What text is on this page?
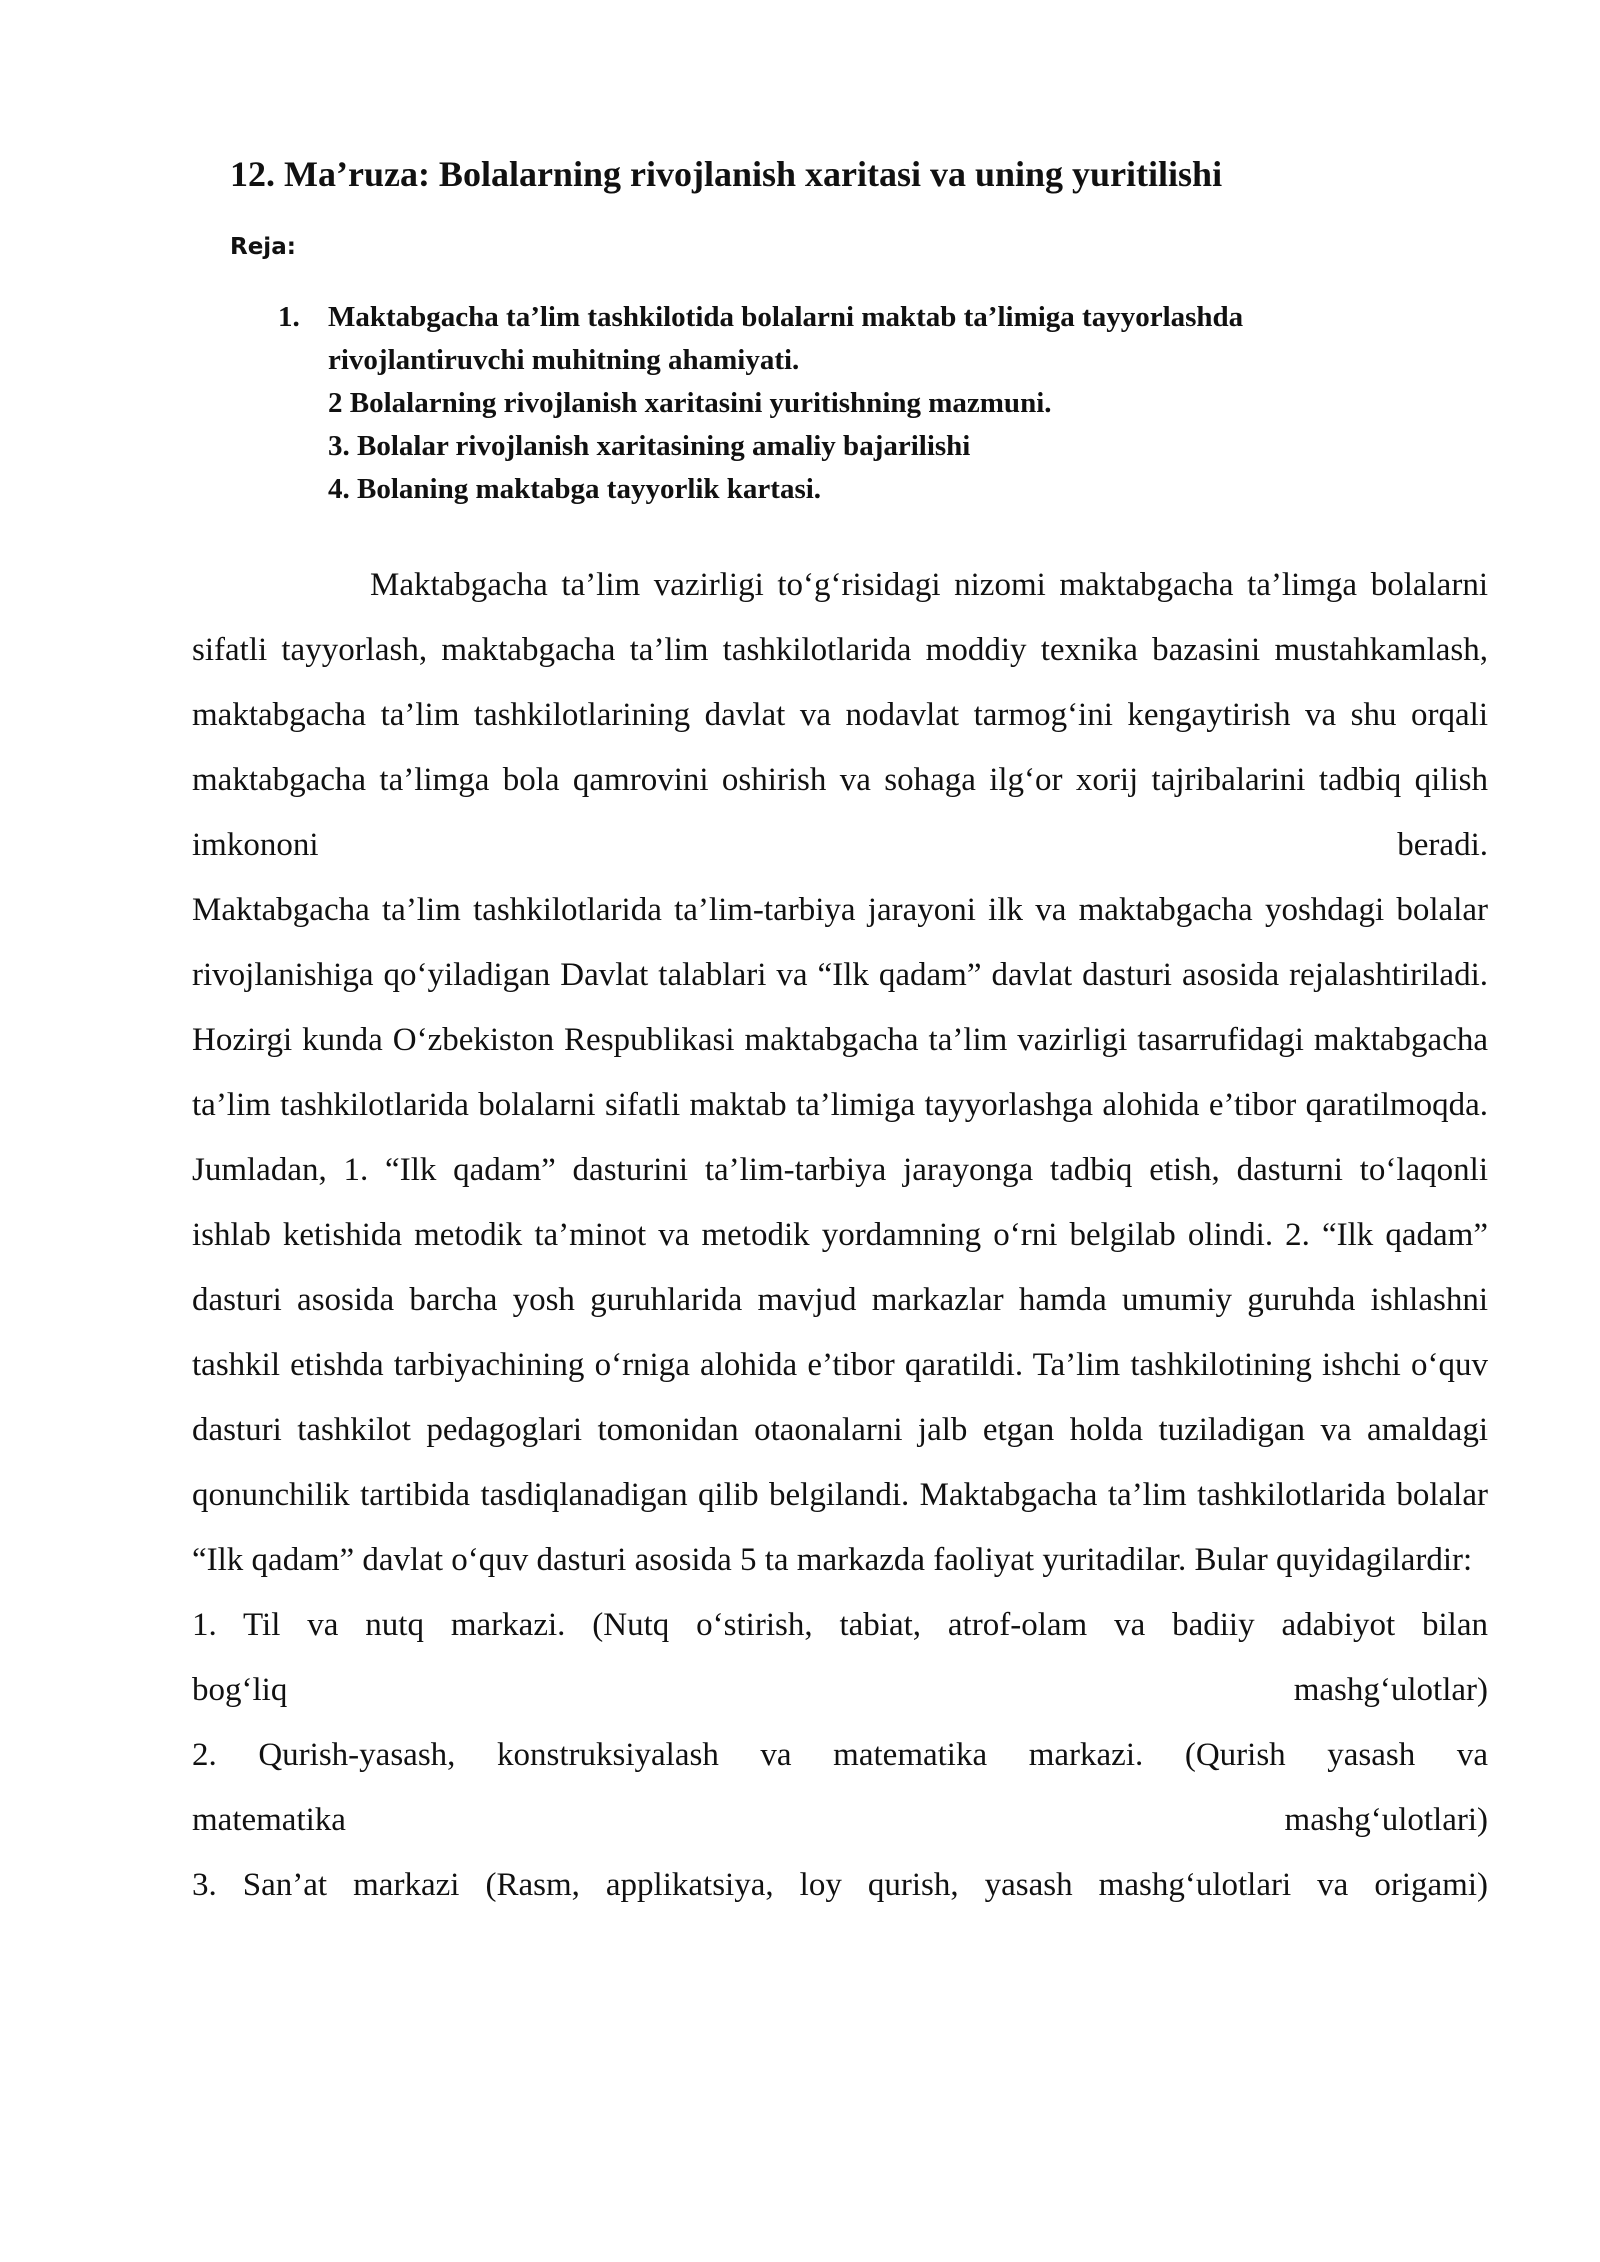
12. Ma’ruza: Bolalarning rivojlanish xaritasi va uning yuritilishi
Reja:
1. Maktabgacha ta’lim tashkilotida bolalarni maktab ta’limiga tayyorlashda
rivojlantiruvchi muhitning ahamiyati.
2 Bolalarning rivojlanish xaritasini yuritishning mazmuni.
3. Bolalar rivojlanish xaritasining amaliy bajarilishi
4. Bolaning maktabga tayyorlik kartasi.

Maktabgacha ta’lim vazirligi to‘g‘risidagi nizomi maktabgacha ta’limga bolalarni sifatli tayyorlash, maktabgacha ta’lim tashkilotlarida moddiy texnika bazasini mustahkamlash, maktabgacha ta’lim tashkilotlarining davlat va nodavlat tarmog‘ini kengaytirish va shu orqali maktabgacha ta’limga bola qamrovini oshirish va sohaga ilg‘or xorij tajribalarini tadbiq qilish imkononi beradi.

Maktabgacha ta’lim tashkilotlarida ta’lim-tarbiya jarayoni ilk va maktabgacha yoshdagi bolalar rivojlanishiga qo‘yiladigan Davlat talablari va “Ilk qadam” davlat dasturi asosida rejalashtiriladi. Hozirgi kunda O‘zbekiston Respublikasi maktabgacha ta’lim vazirligi tasarrufidagi maktabgacha ta’lim tashkilotlarida bolalarni sifatli maktab ta’limiga tayyorlashga alohida e’tibor qaratilmoqda. Jumladan, 1. “Ilk qadam” dasturini ta’lim-tarbiya jarayonga tadbiq etish, dasturni to‘laqonli ishlab ketishida metodik ta’minot va metodik yordamning o‘rni belgilab olindi. 2. “Ilk qadam” dasturi asosida barcha yosh guruhlarida mavjud markazlar hamda umumiy guruhda ishlashni tashkil etishda tarbiyachining o‘rniga alohida e’tibor qaratildi. Ta’lim tashkilotining ishchi o‘quv dasturi tashkilot pedagoglari tomonidan otaonalarni jalb etgan holda tuziladigan va amaldagi qonunchilik tartibida tasdiqlanadigan qilib belgilandi. Maktabgacha ta’lim tashkilotlarida bolalar “Ilk qadam” davlat o‘quv dasturi asosida 5 ta markazda faoliyat yuritadilar. Bular quyidagilardir:

1. Til va nutq markazi. (Nutq o‘stirish, tabiat, atrof-olam va badiiy adabiyot bilan

bog‘liq	mashg‘ulotlar)

2. Qurish-yasash, konstruksiyalash va matematika markazi. (Qurish yasash va

matematika	mashg‘ulotlari)

3. San’at markazi (Rasm, applikatsiya, loy qurish, yasash mashg‘ulotlari va origami)
